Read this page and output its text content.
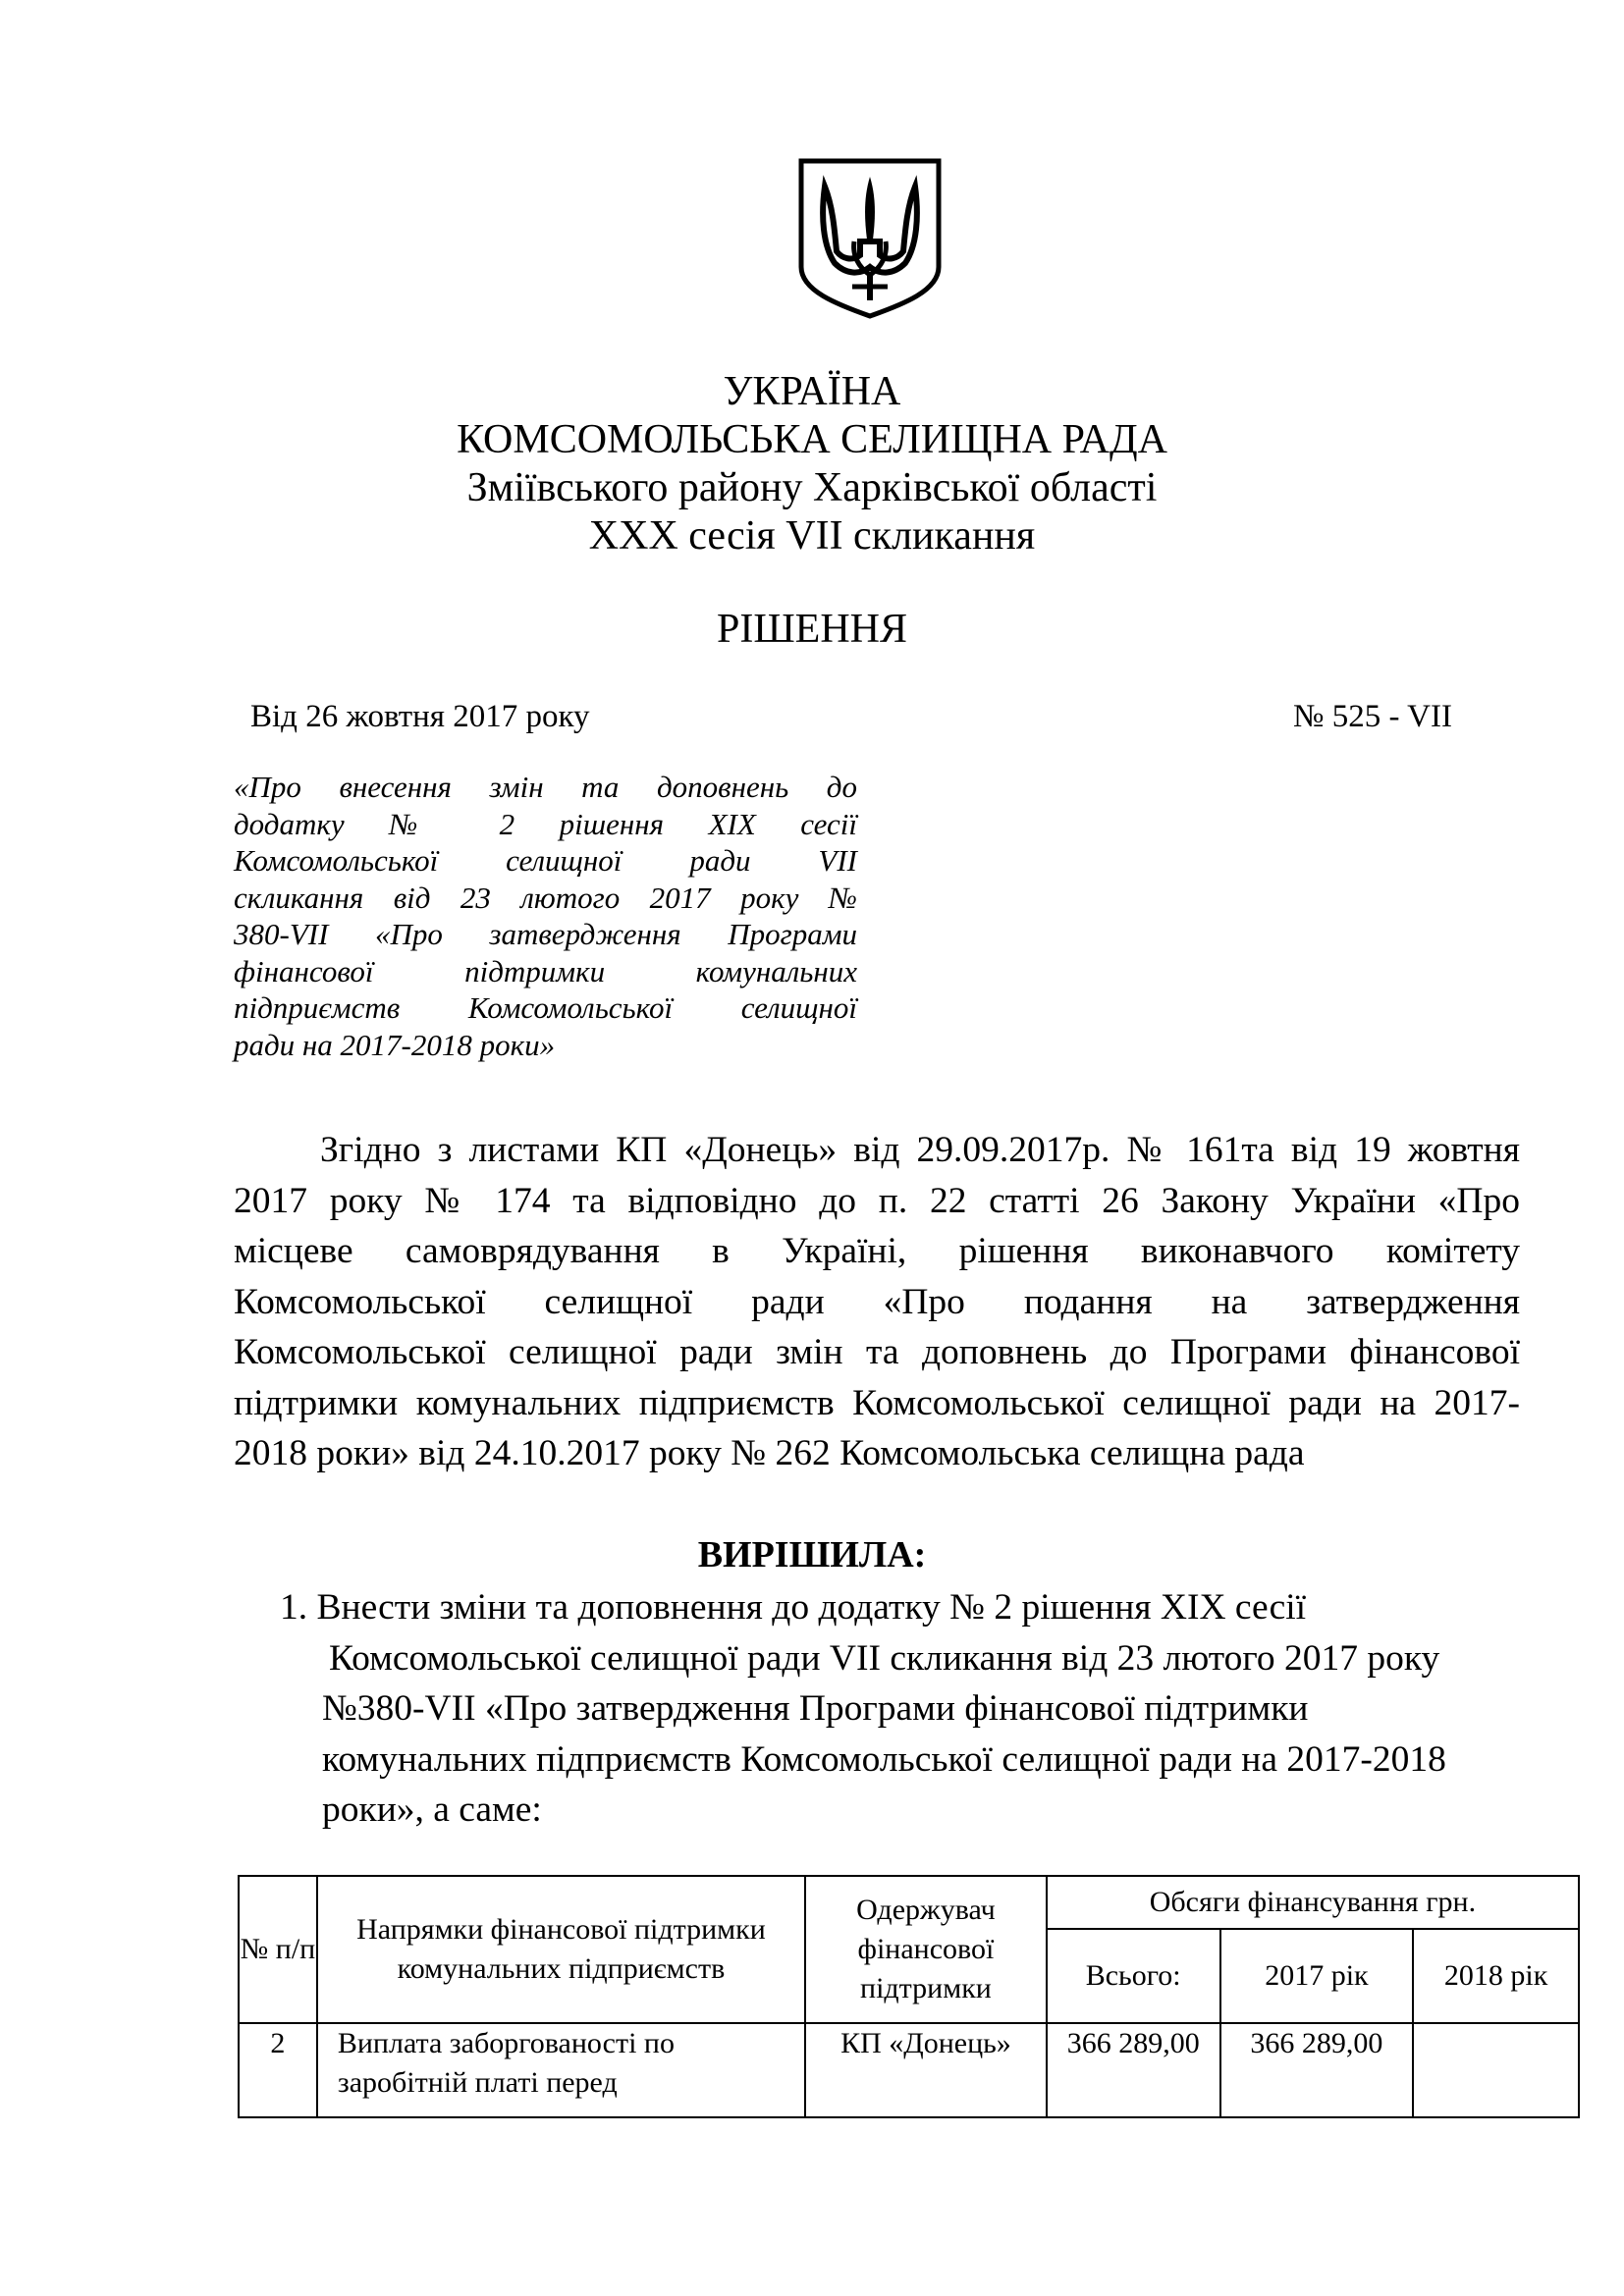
УКРАЇНА
КОМСОМОЛЬСЬКА СЕЛИЩНА РАДА
Зміївського району Харківської області
XXX сесія VII скликання
РІШЕННЯ
Від 26 жовтня 2017 року	№ 525 - VII
«Про внесення змін та доповнень до
додатку № 2 рішення XIX сесії
Комсомольської селищної ради VII
скликання від 23 лютого 2017 року №
380-VII «Про затвердження Програми
фінансової підтримки комунальних
підприємств Комсомольської селищної
ради на 2017-2018 роки»
Згідно з листами КП «Донець» від 29.09.2017р. № 161та від 19 жовтня
2017 року № 174 та відповідно до п. 22 статті 26 Закону України «Про
місцеве самоврядування в Україні, рішення виконавчого комітету
Комсомольської селищної ради «Про подання на затвердження
Комсомольської селищної ради змін та доповнень до Програми фінансової
підтримки комунальних підприємств Комсомольської селищної ради на 2017-
2018 роки» від 24.10.2017 року № 262 Комсомольська селищна рада
ВИРІШИЛА:
1. Внести зміни та доповнення до додатку № 2 рішення XIX сесії
Комсомольської селищної ради VII скликання від 23 лютого 2017 року
№380-VII «Про затвердження Програми фінансової підтримки
комунальних підприємств Комсомольської селищної ради на 2017-2018
роки», а саме:
№ п/п	Напрямки фінансової підтримки комунальних підприємств	Одержувач фінансової підтримки	Обсяги фінансування грн.		
			Всього:	2017 рік	2018 рік
2	Виплата заборгованості по заробітній платі перед	КП «Донець»	366 289,00	366 289,00	
